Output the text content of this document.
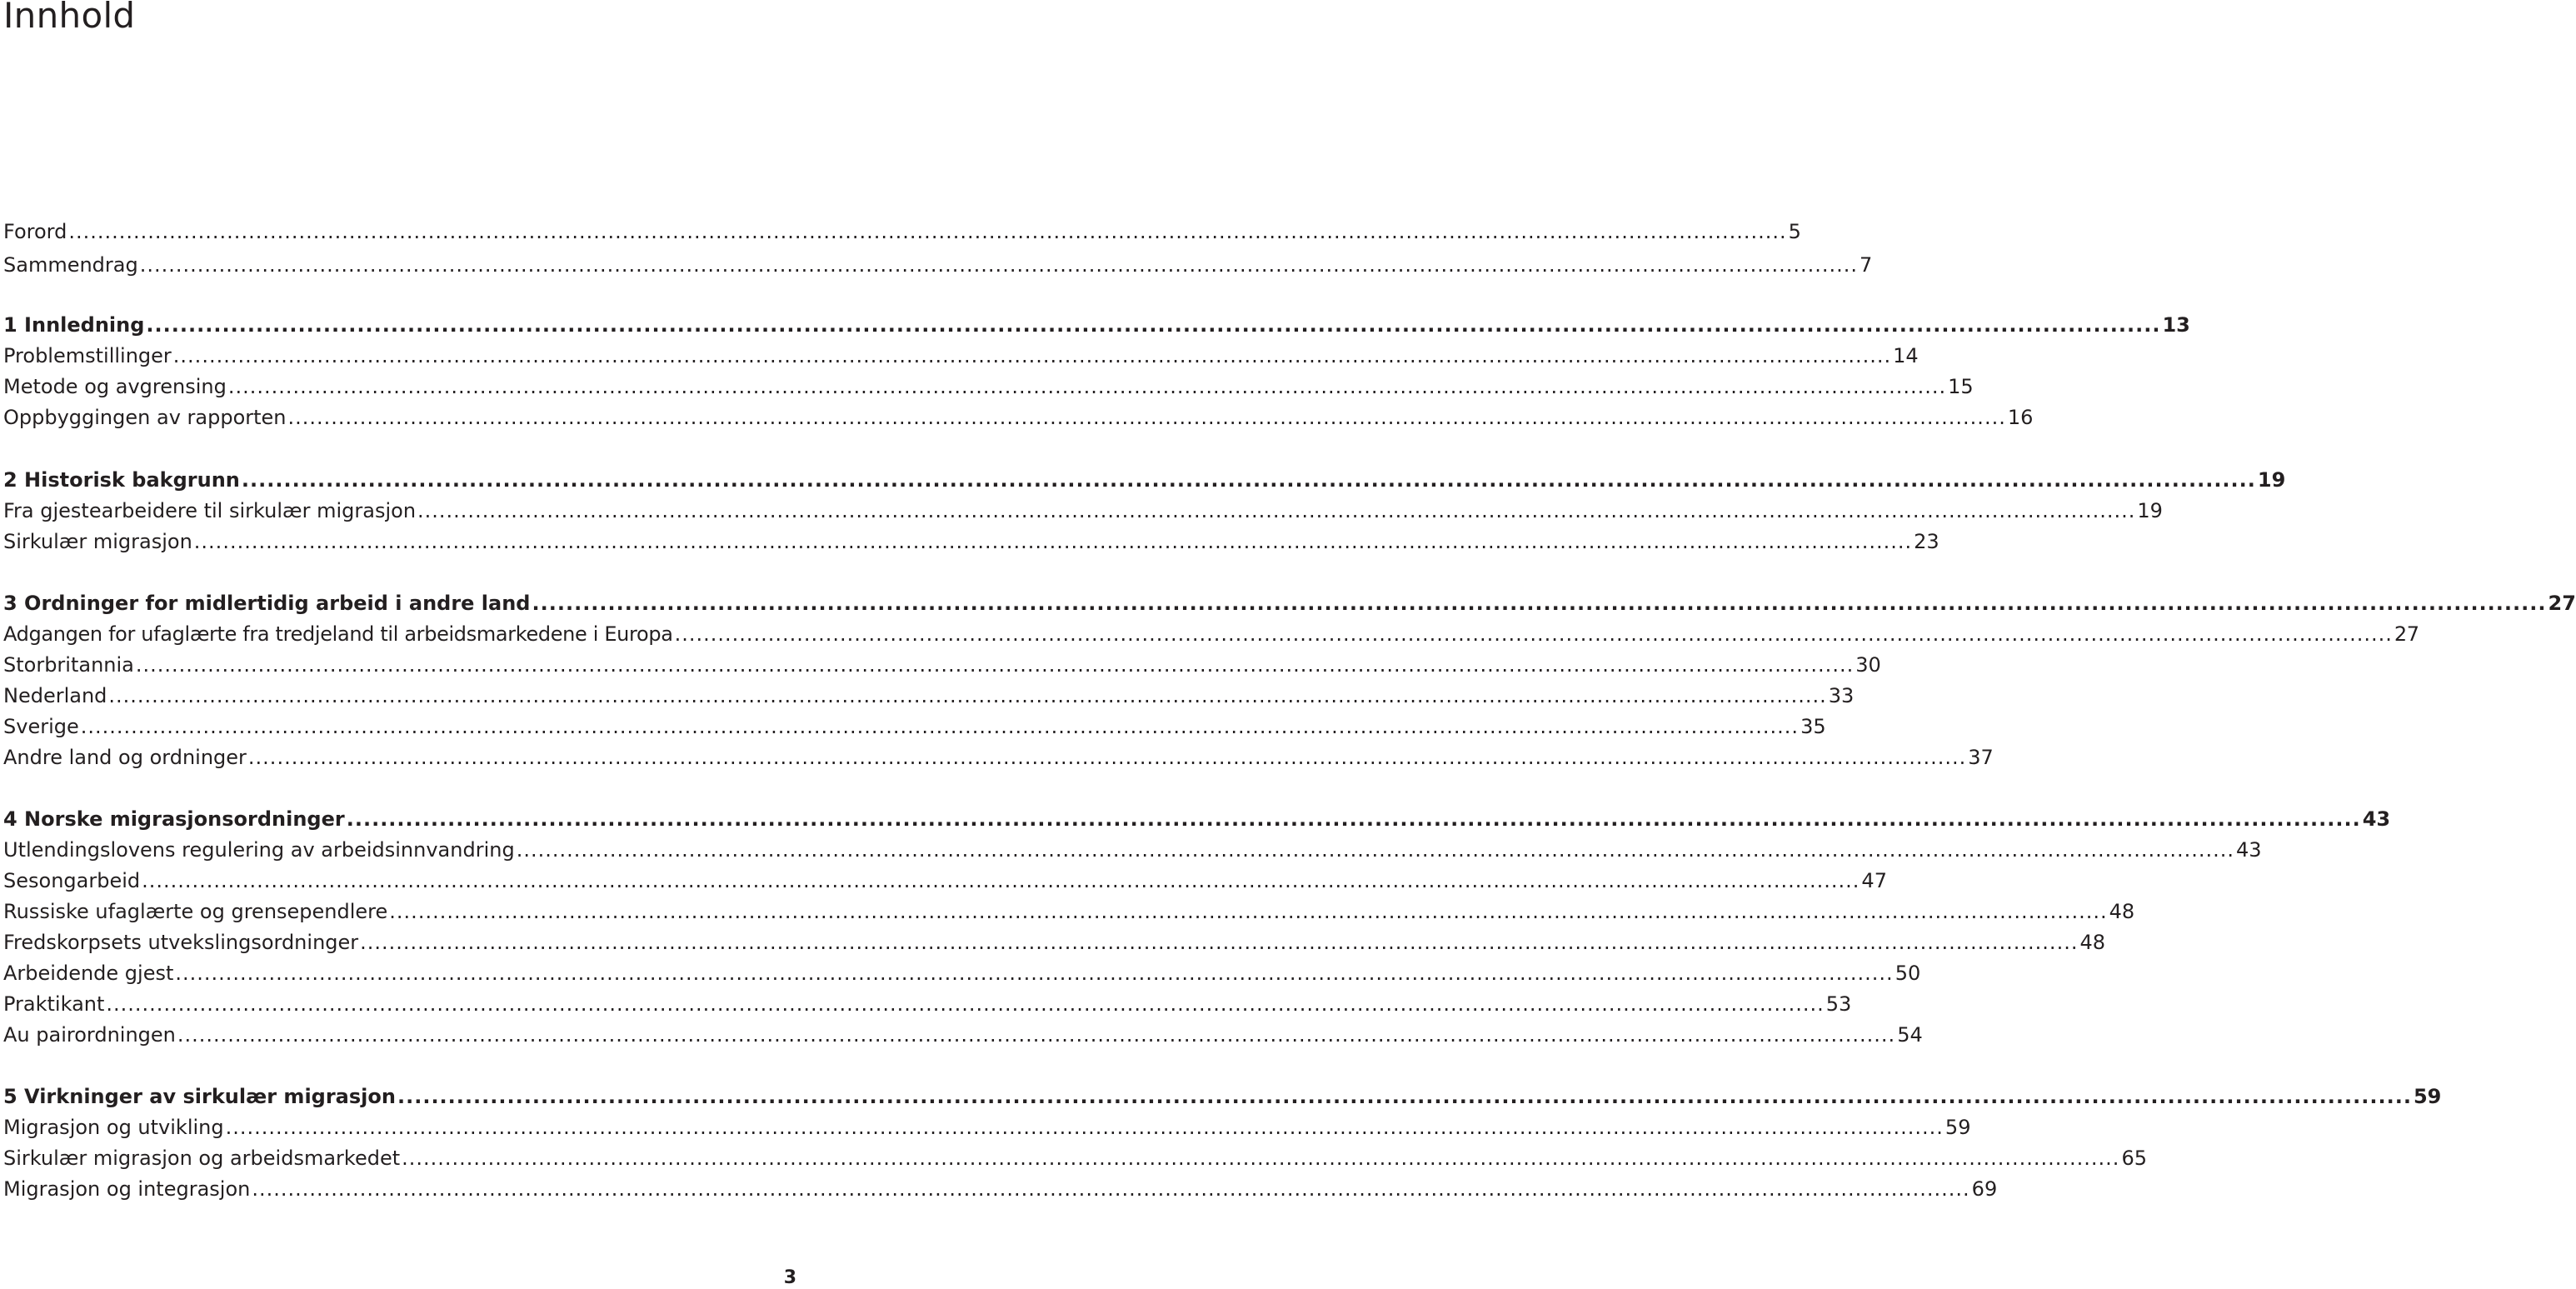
Innhold
Forord ............................................................................................................................................................................................................................................... 5
Sammendrag ............................................................................................................................................................................................................................................... 7
1 Innledning ............................................................................................................................................................................................................................................... 13
Problemstillinger ............................................................................................................................................................................................................................................... 14
Metode og avgrensing ............................................................................................................................................................................................................................................... 15
Oppbyggingen av rapporten ............................................................................................................................................................................................................................................... 16
2 Historisk bakgrunn ............................................................................................................................................................................................................................................... 19
Fra gjestearbeidere til sirkulær migrasjon ............................................................................................................................................................................................................................................... 19
Sirkulær migrasjon ............................................................................................................................................................................................................................................... 23
3 Ordninger for midlertidig arbeid i andre land ............................................................................................................................................................................................................................................... 27
Adgangen for ufaglærte fra tredjeland til arbeidsmarkedene i Europa ............................................................................................................................................................................................................................................... 27
Storbritannia ............................................................................................................................................................................................................................................... 30
Nederland ............................................................................................................................................................................................................................................... 33
Sverige ............................................................................................................................................................................................................................................... 35
Andre land og ordninger ............................................................................................................................................................................................................................................... 37
4 Norske migrasjonsordninger ............................................................................................................................................................................................................................................... 43
Utlendingslovens regulering av arbeidsinnvandring ............................................................................................................................................................................................................................................... 43
Sesongarbeid ............................................................................................................................................................................................................................................... 47
Russiske ufaglærte og grensependlere ............................................................................................................................................................................................................................................... 48
Fredskorpsets utvekslingsordninger ............................................................................................................................................................................................................................................... 48
Arbeidende gjest ............................................................................................................................................................................................................................................... 50
Praktikant ............................................................................................................................................................................................................................................... 53
Au pairordningen ............................................................................................................................................................................................................................................... 54
5 Virkninger av sirkulær migrasjon ............................................................................................................................................................................................................................................... 59
Migrasjon og utvikling ............................................................................................................................................................................................................................................... 59
Sirkulær migrasjon og arbeidsmarkedet ............................................................................................................................................................................................................................................... 65
Migrasjon og integrasjon ............................................................................................................................................................................................................................................... 69
3
